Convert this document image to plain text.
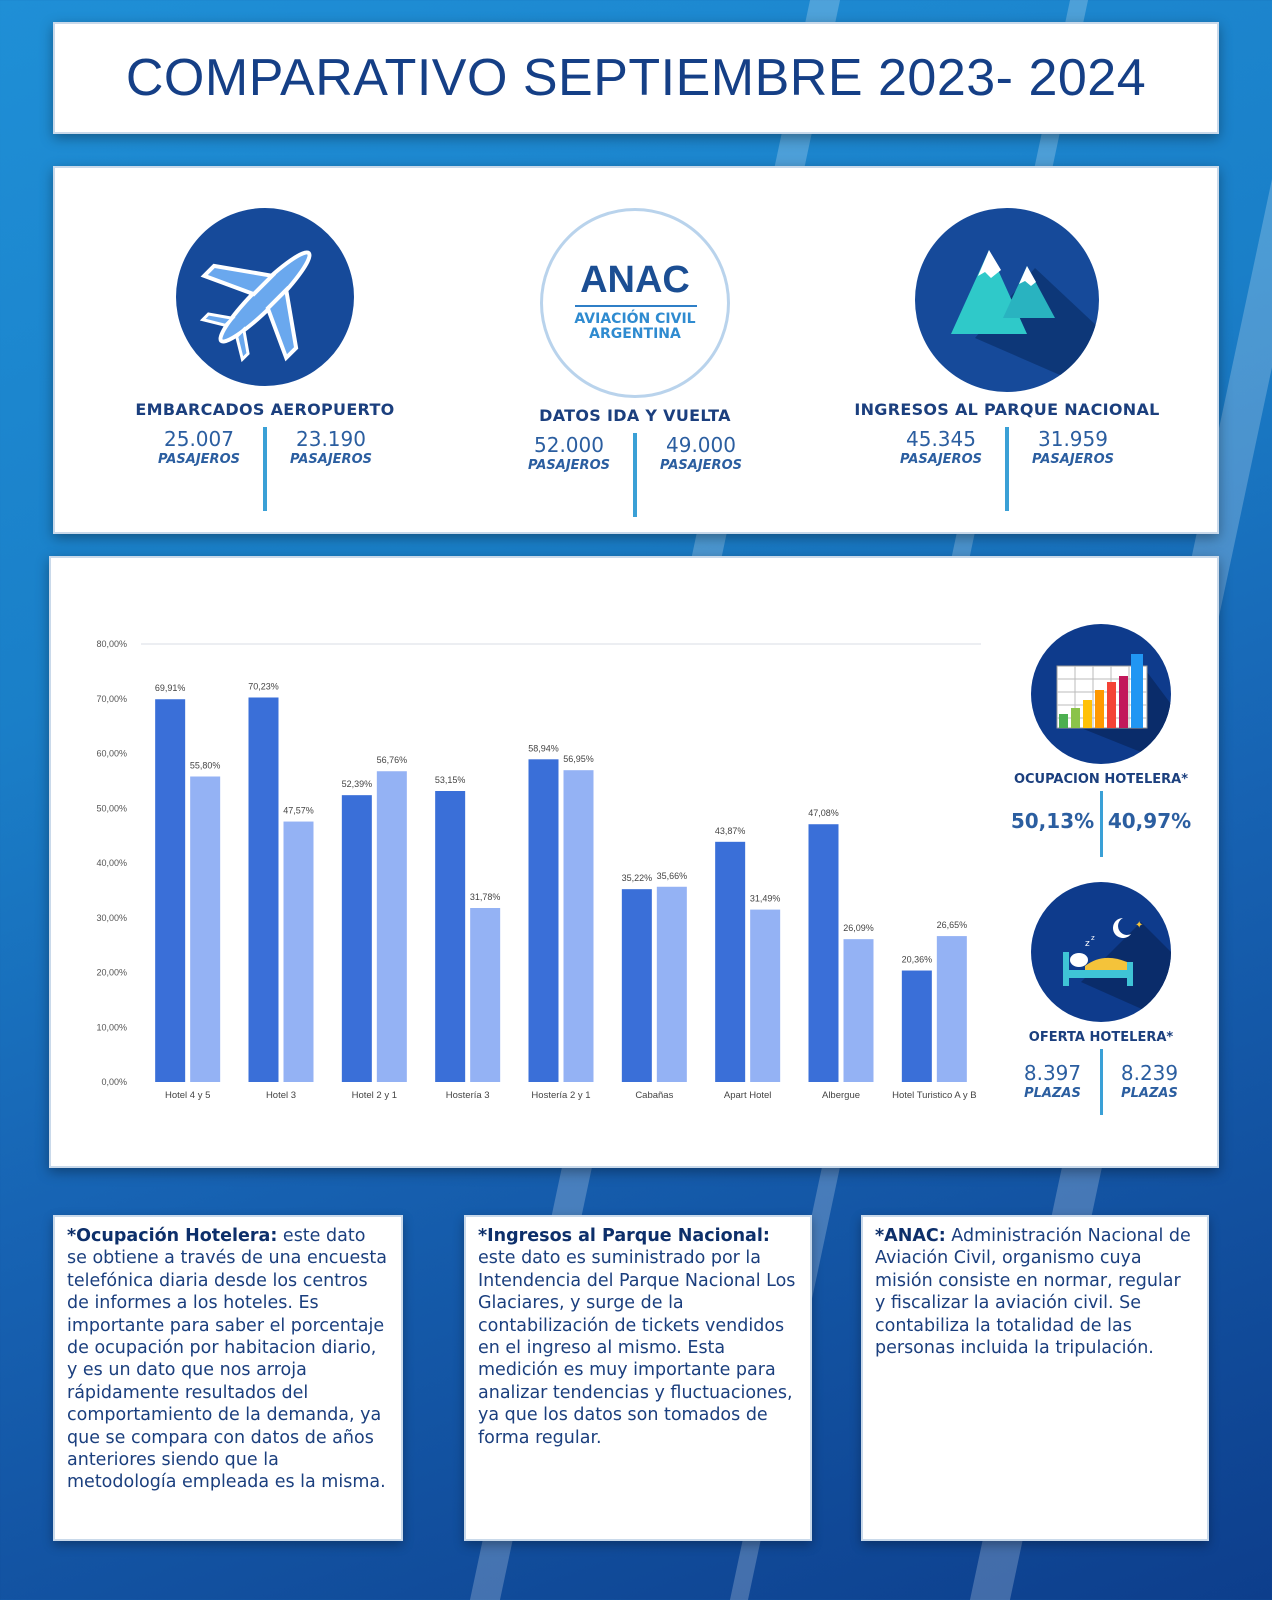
COMPARATIVO SEPTIEMBRE 2023- 2024
EMBARCADOS AEROPUERTO
25.007
PASAJEROS
23.190
PASAJEROS
ANAC
AVIACIÓN CIVIL
ARGENTINA
DATOS IDA Y VUELTA
52.000
PASAJEROS
49.000
PASAJEROS
INGRESOS AL PARQUE NACIONAL
45.345
PASAJEROS
31.959
PASAJEROS
0,00%
10,00%
20,00%
30,00%
40,00%
50,00%
60,00%
70,00%
80,00%
69,91%
55,80%
Hotel 4 y 5
70,23%
47,57%
Hotel 3
52,39%
56,76%
Hotel 2 y 1
53,15%
31,78%
Hostería 3
58,94%
56,95%
Hostería 2 y 1
35,22% 35,66%
Cabañas
43,87%
31,49%
Apart Hotel
47,08%
26,09%
Albergue
20,36%
26,65%
Hotel Turistico A y B
OCUPACION HOTELERA*
50,13% 40,97%
✦
z
z
OFERTA HOTELERA*
8.397
PLAZAS
8.239
PLAZAS
*Ocupación Hotelera: este dato se obtiene a través de una encuesta telefónica diaria desde los centros de informes a los hoteles. Es importante para saber el porcentaje de ocupación por habitacion diario, y es un dato que nos arroja rápidamente resultados del comportamiento de la demanda, ya que se compara con datos de años anteriores siendo que la metodología empleada es la misma.
*Ingresos al Parque Nacional: este dato es suministrado por la Intendencia del Parque Nacional Los Glaciares, y surge de la contabilización de tickets vendidos en el ingreso al mismo. Esta medición es muy importante para analizar tendencias y fluctuaciones, ya que los datos son tomados de forma regular.
*ANAC: Administración Nacional de Aviación Civil, organismo cuya misión consiste en normar, regular y fiscalizar la aviación civil. Se contabiliza la totalidad de las personas incluida la tripulación.
